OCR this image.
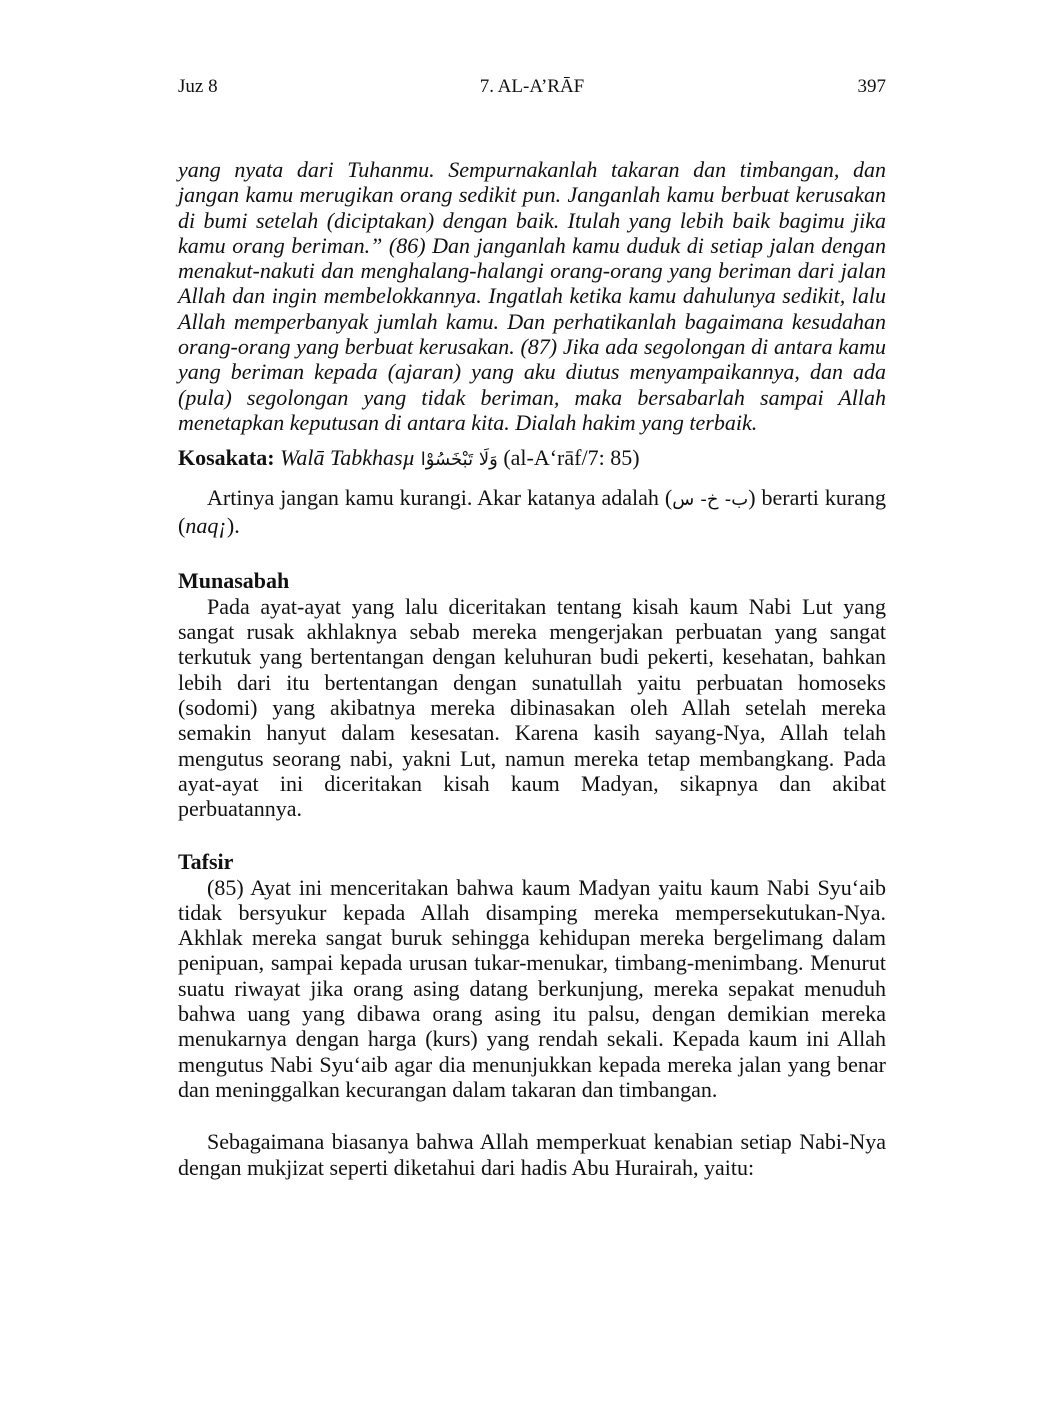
Juz 8	7. AL-A’RĀF	397

yang nyata dari Tuhanmu. Sempurnakanlah takaran dan timbangan, dan jangan kamu merugikan orang sedikit pun. Janganlah kamu berbuat kerusakan di bumi setelah (diciptakan) dengan baik. Itulah yang lebih baik bagimu jika kamu orang beriman.” (86) Dan janganlah kamu duduk di setiap jalan dengan menakut-nakuti dan menghalang-halangi orang-orang yang beriman dari jalan Allah dan ingin membelokkannya. Ingatlah ketika kamu dahulunya sedikit, lalu Allah memperbanyak jumlah kamu. Dan perhatikanlah bagaimana kesudahan orang-orang yang berbuat kerusakan. (87) Jika ada segolongan di antara kamu yang beriman kepada (ajaran) yang aku diutus menyampaikannya, dan ada (pula) segolongan yang tidak beriman, maka bersabarlah sampai Allah menetapkan keputusan di antara kita. Dialah hakim yang terbaik.

Kosakata: Walā Tabkhasµ وَلَا تَبْخَسُوْا (al-A‘rāf/7: 85)

Artinya jangan kamu kurangi. Akar katanya adalah (ب- خ- س) berarti kurang (naq¡).

Munasabah

Pada ayat-ayat yang lalu diceritakan tentang kisah kaum Nabi Lut yang sangat rusak akhlaknya sebab mereka mengerjakan perbuatan yang sangat terkutuk yang bertentangan dengan keluhuran budi pekerti, kesehatan, bahkan lebih dari itu bertentangan dengan sunatullah yaitu perbuatan homoseks (sodomi) yang akibatnya mereka dibinasakan oleh Allah setelah mereka semakin hanyut dalam kesesatan. Karena kasih sayang-Nya, Allah telah mengutus seorang nabi, yakni Lut, namun mereka tetap membangkang. Pada ayat-ayat ini diceritakan kisah kaum Madyan, sikapnya dan akibat perbuatannya.

Tafsir

(85) Ayat ini menceritakan bahwa kaum Madyan yaitu kaum Nabi Syu‘aib tidak bersyukur kepada Allah disamping mereka mempersekutukan-Nya. Akhlak mereka sangat buruk sehingga kehidupan mereka bergelimang dalam penipuan, sampai kepada urusan tukar-menukar, timbang-menimbang. Menurut suatu riwayat jika orang asing datang berkunjung, mereka sepakat menuduh bahwa uang yang dibawa orang asing itu palsu, dengan demikian mereka menukarnya dengan harga (kurs) yang rendah sekali. Kepada kaum ini Allah mengutus Nabi Syu‘aib agar dia menunjukkan kepada mereka jalan yang benar dan meninggalkan kecurangan dalam takaran dan timbangan.

Sebagaimana biasanya bahwa Allah memperkuat kenabian setiap Nabi-Nya dengan mukjizat seperti diketahui dari hadis Abu Hurairah, yaitu:
